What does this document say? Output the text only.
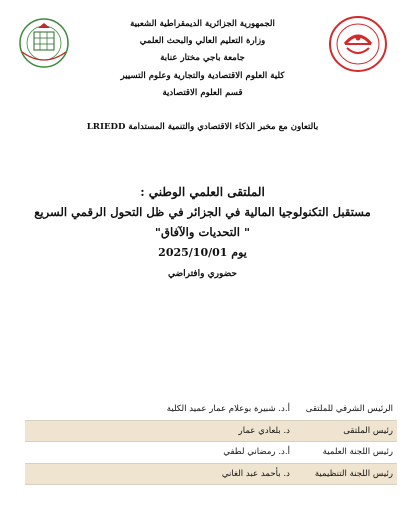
الجمهورية الجزائرية الديمقراطية الشعبية
وزارة التعليم العالي والبحث العلمي
جامعة باجي مختار عنابة
كلية العلوم الاقتصادية والتجارية وعلوم التسيير
قسم العلوم الاقتصادية
بالتعاون مع مخبر الذكاء الاقتصادي والتنمية المستدامة LRIEDD
الملتقى العلمي الوطني :
مستقبل التكنولوجيا المالية في الجزائر في ظل التحول الرقمي السريع
" التحديات والآفاق"
يوم 2025/10/01
حضوري وافتراضي
الرئيس الشرفي للملتقى	أ.د. شبيرة بوعلام عمار عميد الكلية
رئيس الملتقى	د. بلعادي عمار
رئيس اللجنة العلمية	أ.د. رمضاني لطفي
رئيس اللجنة التنظيمية	د. بأحمد عبد الغاني
